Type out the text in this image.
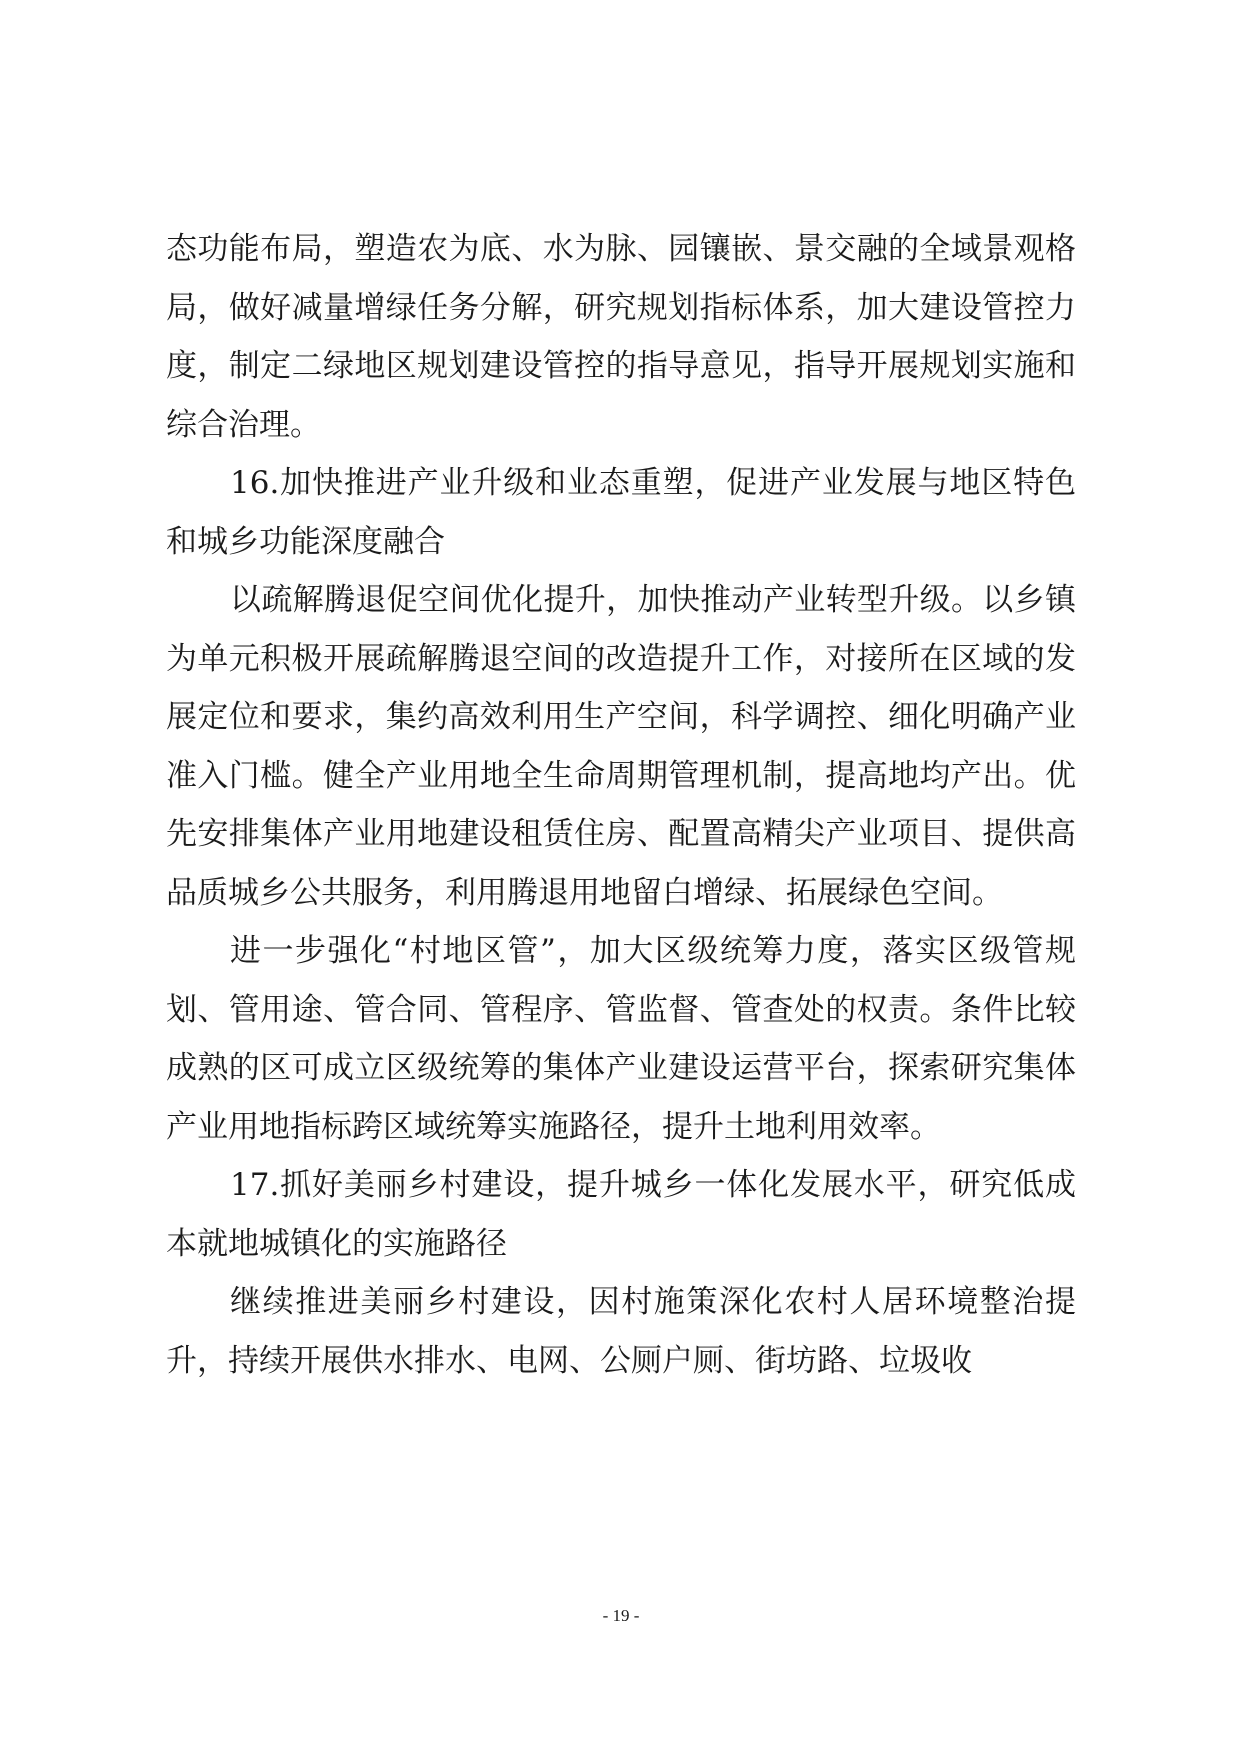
态功能布局，塑造农为底、水为脉、园镶嵌、景交融的全域景观格局，做好减量增绿任务分解，研究规划指标体系，加大建设管控力度，制定二绿地区规划建设管控的指导意见，指导开展规划实施和综合治理。

16.加快推进产业升级和业态重塑，促进产业发展与地区特色和城乡功能深度融合

以疏解腾退促空间优化提升，加快推动产业转型升级。以乡镇为单元积极开展疏解腾退空间的改造提升工作，对接所在区域的发展定位和要求，集约高效利用生产空间，科学调控、细化明确产业准入门槛。健全产业用地全生命周期管理机制，提高地均产出。优先安排集体产业用地建设租赁住房、配置高精尖产业项目、提供高品质城乡公共服务，利用腾退用地留白增绿、拓展绿色空间。

进一步强化“村地区管”，加大区级统筹力度，落实区级管规划、管用途、管合同、管程序、管监督、管查处的权责。条件比较成熟的区可成立区级统筹的集体产业建设运营平台，探索研究集体产业用地指标跨区域统筹实施路径，提升土地利用效率。

17.抓好美丽乡村建设，提升城乡一体化发展水平，研究低成本就地城镇化的实施路径

继续推进美丽乡村建设，因村施策深化农村人居环境整治提升，持续开展供水排水、电网、公厕户厕、街坊路、垃圾收

- 19 -
